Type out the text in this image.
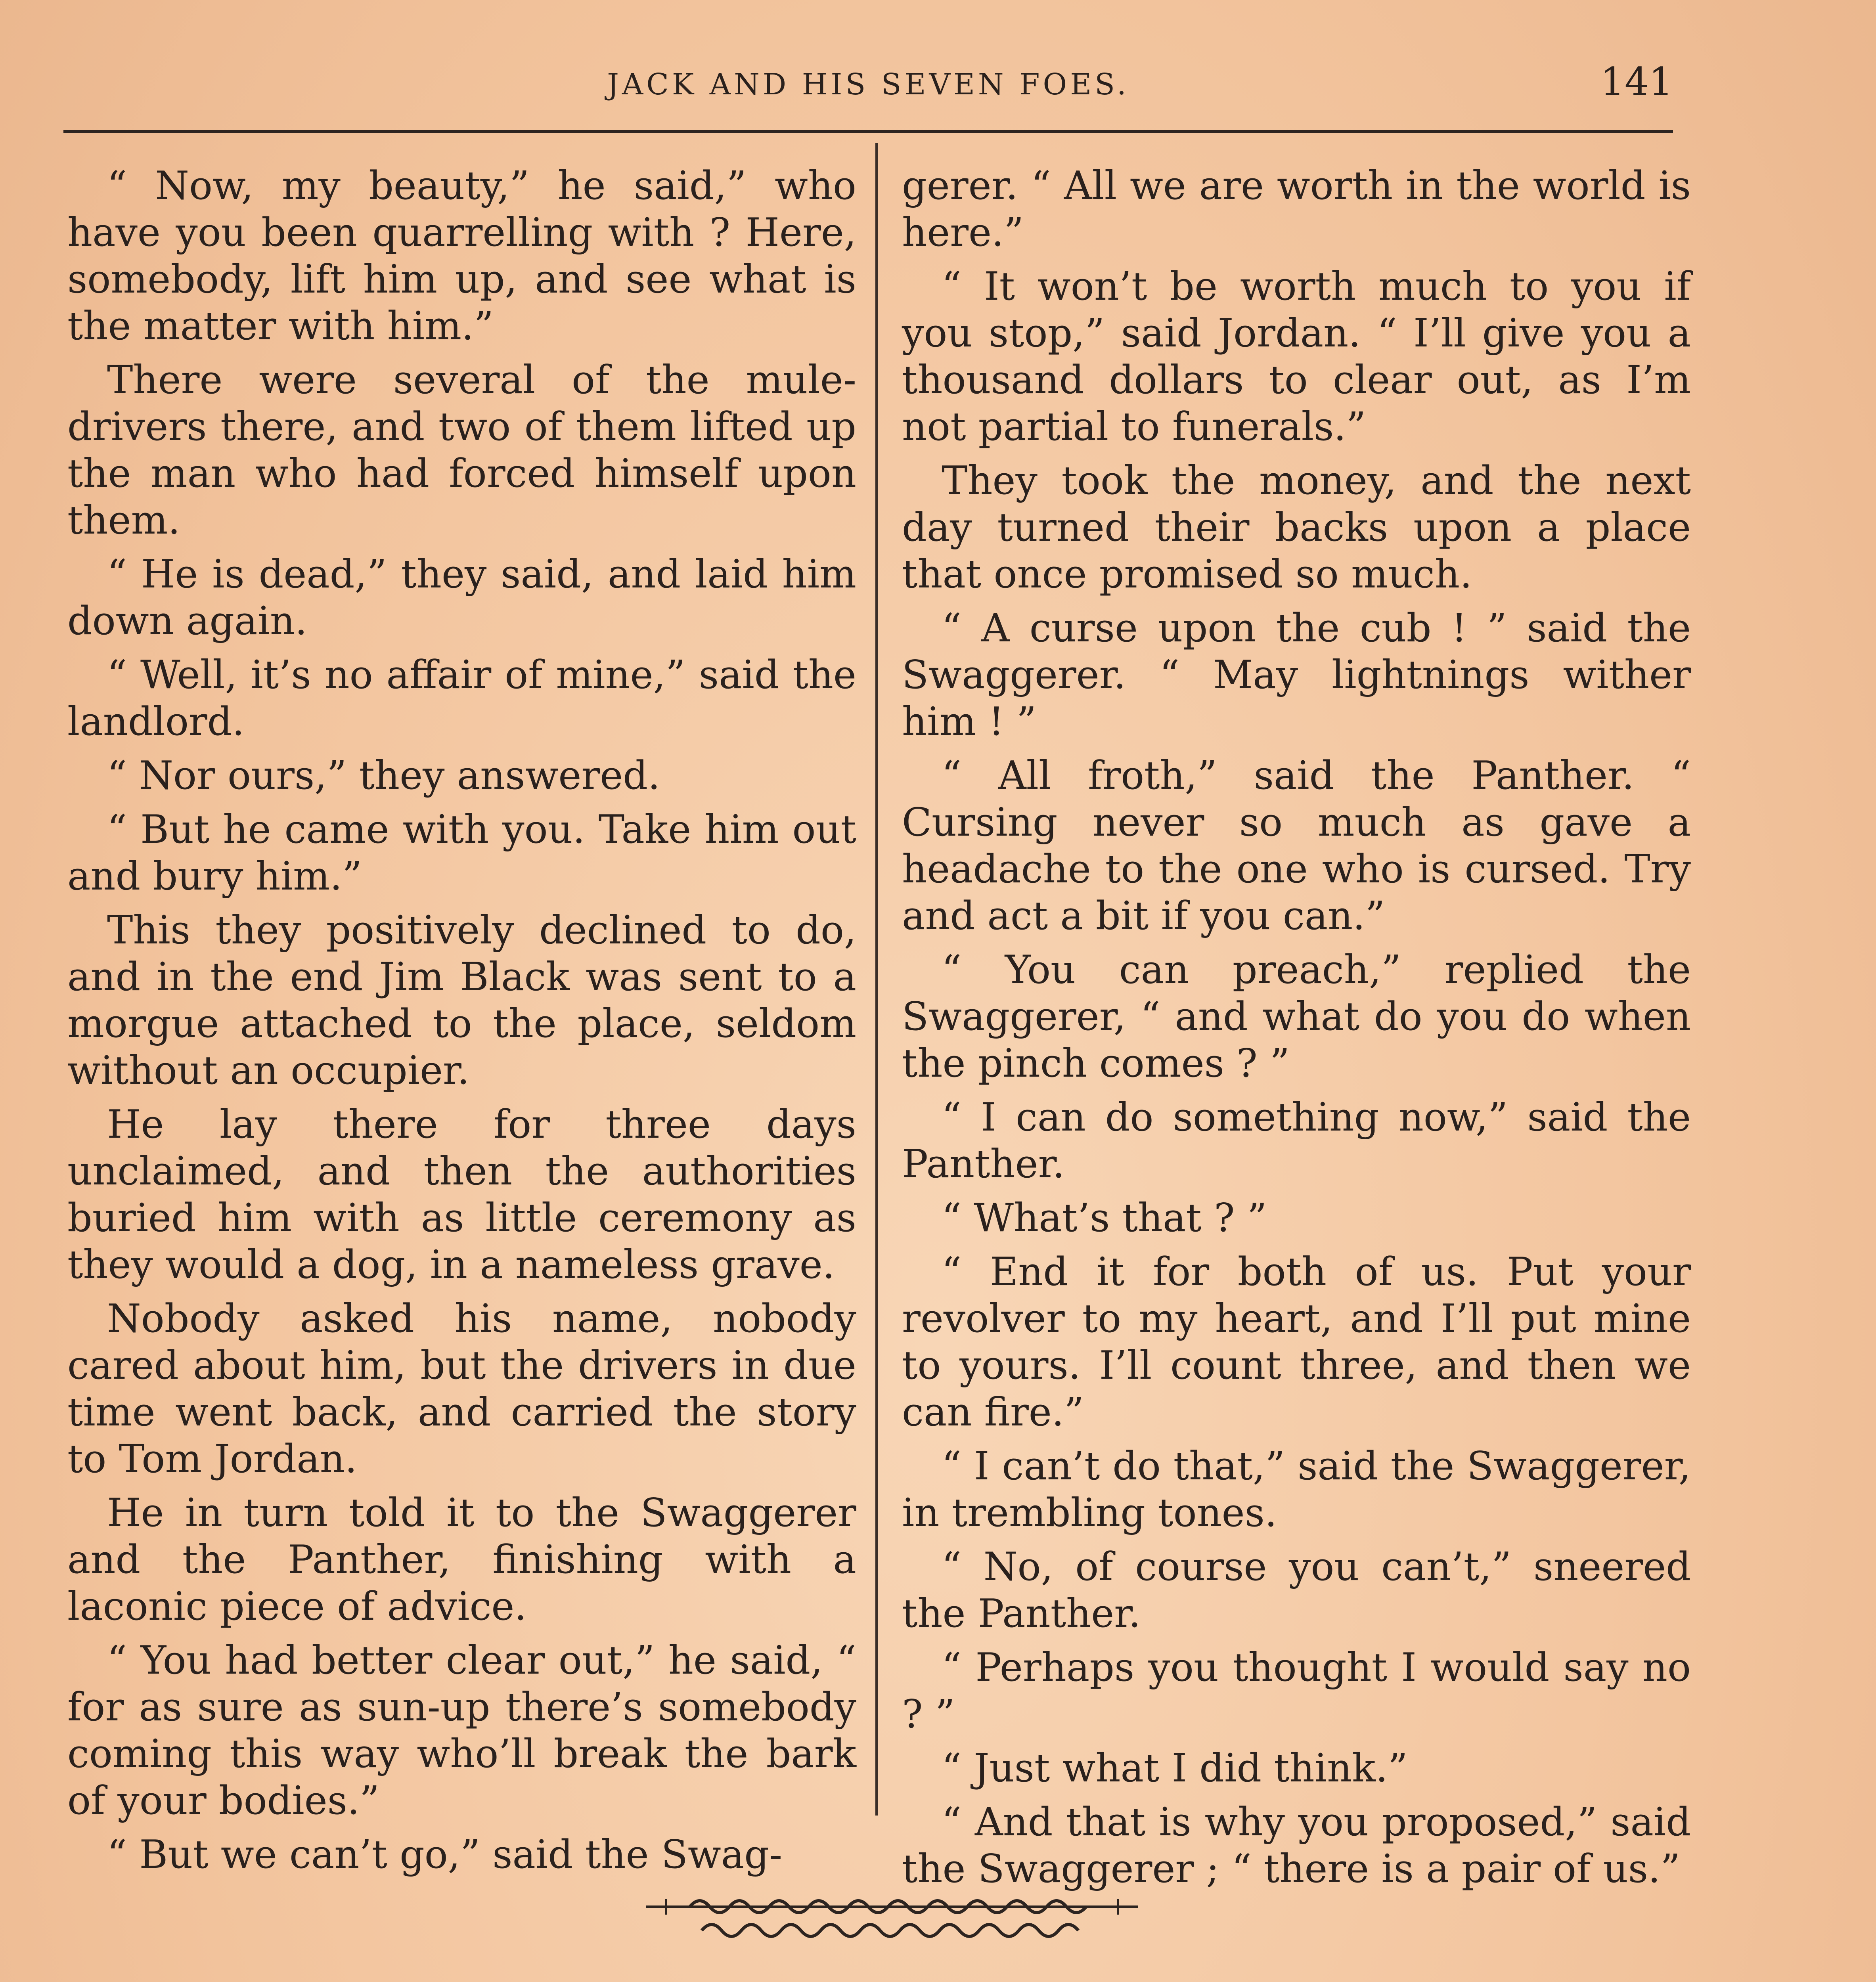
JACK AND HIS SEVEN FOES.	141

“ Now, my beauty,” he said,” who have you been quarrelling with ? Here, somebody, lift him up, and see what is the matter with him.”

There were several of the mule-drivers there, and two of them lifted up the man who had forced himself upon them.

“ He is dead,” they said, and laid him down again.

“ Well, it’s no affair of mine,” said the landlord.

“ Nor ours,” they answered.

“ But he came with you. Take him out and bury him.”

This they positively declined to do, and in the end Jim Black was sent to a morgue attached to the place, seldom without an occupier.

He lay there for three days unclaimed, and then the authorities buried him with as little ceremony as they would a dog, in a nameless grave.

Nobody asked his name, nobody cared about him, but the drivers in due time went back, and carried the story to Tom Jordan.

He in turn told it to the Swaggerer and the Panther, finishing with a laconic piece of advice.

“ You had better clear out,” he said, “ for as sure as sun-up there’s somebody coming this way who’ll break the bark of your bodies.”

“ But we can’t go,” said the Swag-

gerer. “ All we are worth in the world is here.”

“ It won’t be worth much to you if you stop,” said Jordan. “ I’ll give you a thousand dollars to clear out, as I’m not partial to funerals.”

They took the money, and the next day turned their backs upon a place that once promised so much.

“ A curse upon the cub ! ” said the Swaggerer. “ May lightnings wither him ! ”

“ All froth,” said the Panther. “ Cursing never so much as gave a headache to the one who is cursed. Try and act a bit if you can.”

“ You can preach,” replied the Swaggerer, “ and what do you do when the pinch comes ? ”

“ I can do something now,” said the Panther.

“ What’s that ? ”

“ End it for both of us. Put your revolver to my heart, and I’ll put mine to yours. I’ll count three, and then we can fire.”

“ I can’t do that,” said the Swaggerer, in trembling tones.

“ No, of course you can’t,” sneered the Panther.

“ Perhaps you thought I would say no ? ”

“ Just what I did think.”

“ And that is why you proposed,” said the Swaggerer ; “ there is a pair of us.”
